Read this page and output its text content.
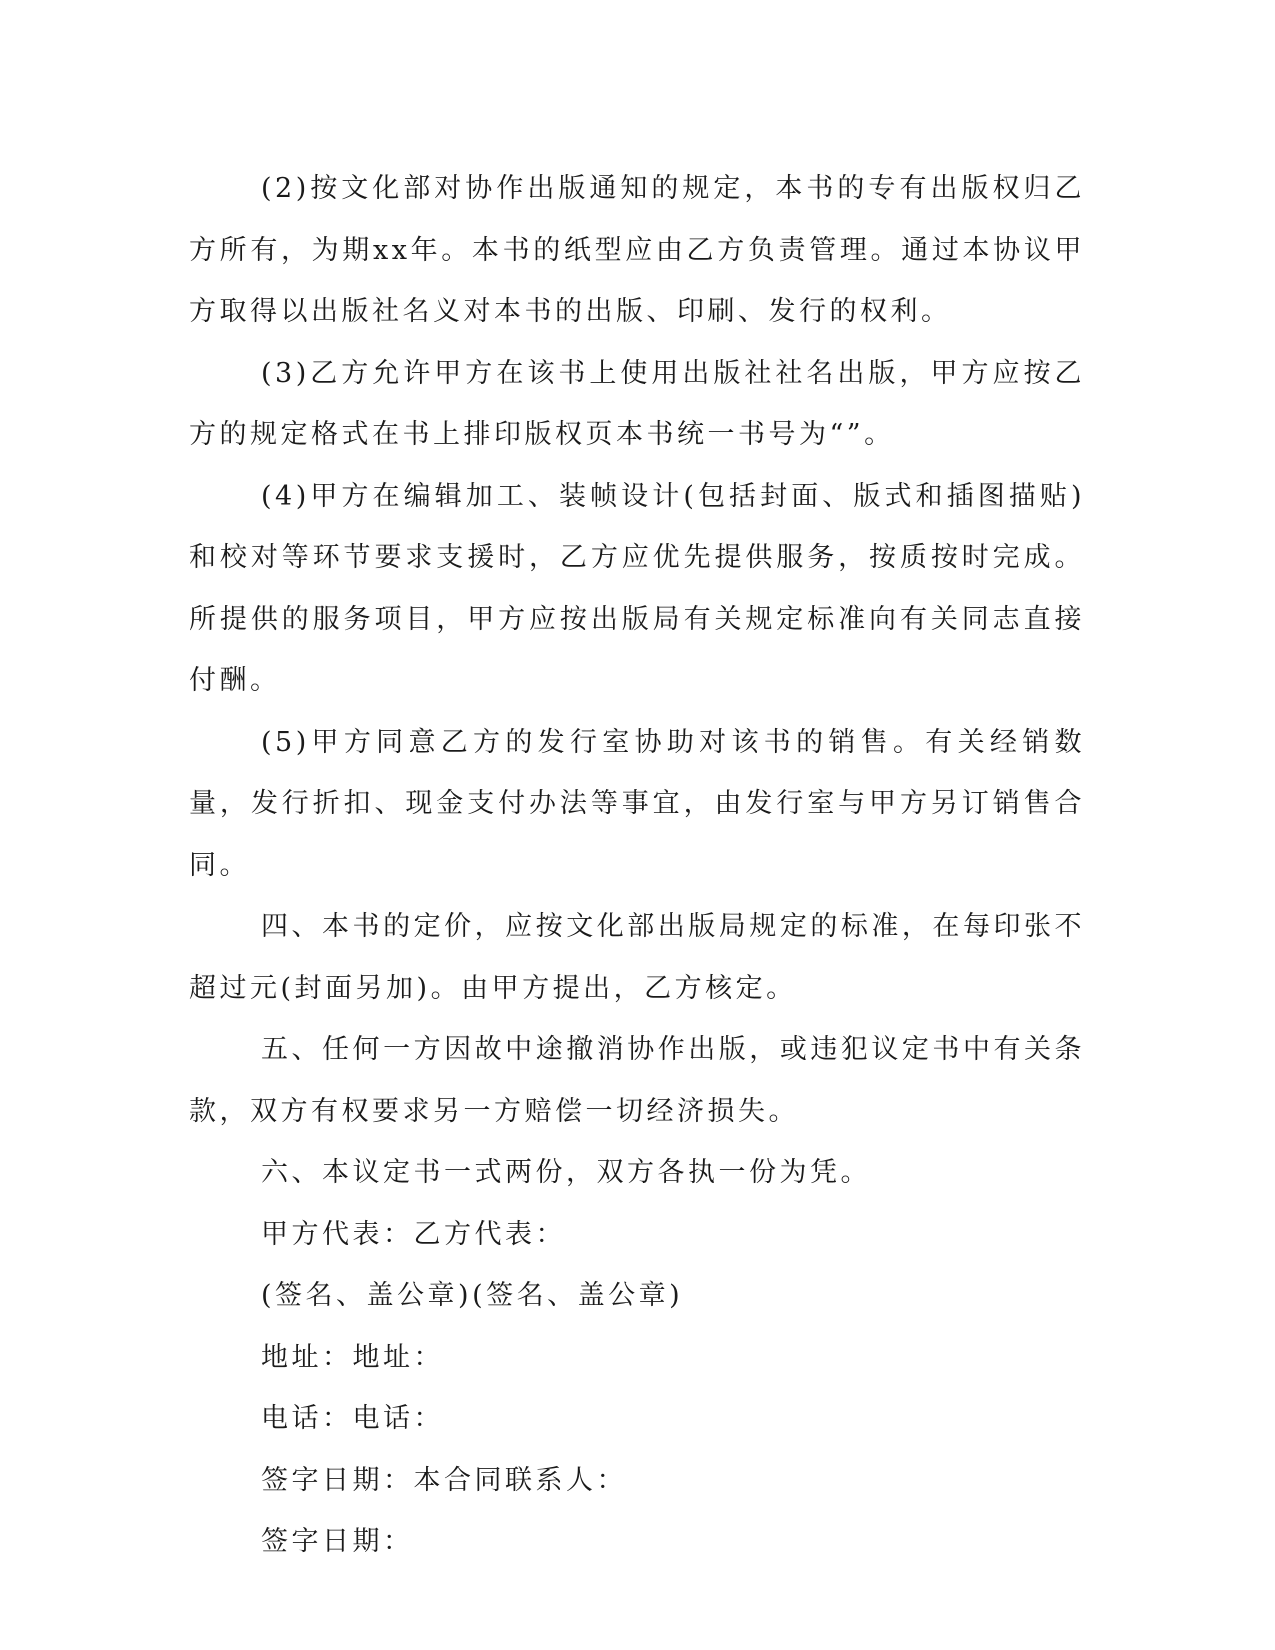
(2)按文化部对协作出版通知的规定，本书的专有出版权归乙方所有，为期xx年。本书的纸型应由乙方负责管理。通过本协议甲方取得以出版社名义对本书的出版、印刷、发行的权利。

(3)乙方允许甲方在该书上使用出版社社名出版，甲方应按乙方的规定格式在书上排印版权页本书统一书号为“”。

(4)甲方在编辑加工、装帧设计(包括封面、版式和插图描贴)和校对等环节要求支援时，乙方应优先提供服务，按质按时完成。所提供的服务项目，甲方应按出版局有关规定标准向有关同志直接付酬。

(5)甲方同意乙方的发行室协助对该书的销售。有关经销数量，发行折扣、现金支付办法等事宜，由发行室与甲方另订销售合同。

四、本书的定价，应按文化部出版局规定的标准，在每印张不超过元(封面另加)。由甲方提出，乙方核定。

五、任何一方因故中途撤消协作出版，或违犯议定书中有关条款，双方有权要求另一方赔偿一切经济损失。

六、本议定书一式两份，双方各执一份为凭。

甲方代表：乙方代表：

(签名、盖公章)(签名、盖公章)

地址：地址：

电话：电话：

签字日期：本合同联系人：

签字日期：
